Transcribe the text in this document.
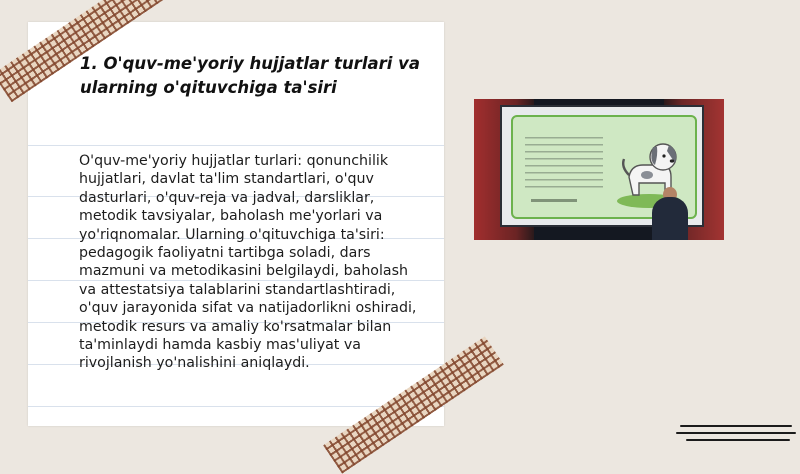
1. O'quv-me'yoriy hujjatlar turlari va ularning o'qituvchiga ta'siri

O'quv-me'yoriy hujjatlar turlari: qonunchilik hujjatlari, davlat ta'lim standartlari, o'quv dasturlari, o'quv-reja va jadval, darsliklar, metodik tavsiyalar, baholash me'yorlari va yo'riqnomalar. Ularning o'qituvchiga ta'siri: pedagogik faoliyatni tartibga soladi, dars mazmuni va metodikasini belgilaydi, baholash va attestatsiya talablarini standartlashtiradi, o'quv jarayonida sifat va natijadorlikni oshiradi, metodik resurs va amaliy ko'rsatmalar bilan ta'minlaydi hamda kasbiy mas'uliyat va rivojlanish yo'nalishini aniqlaydi.
